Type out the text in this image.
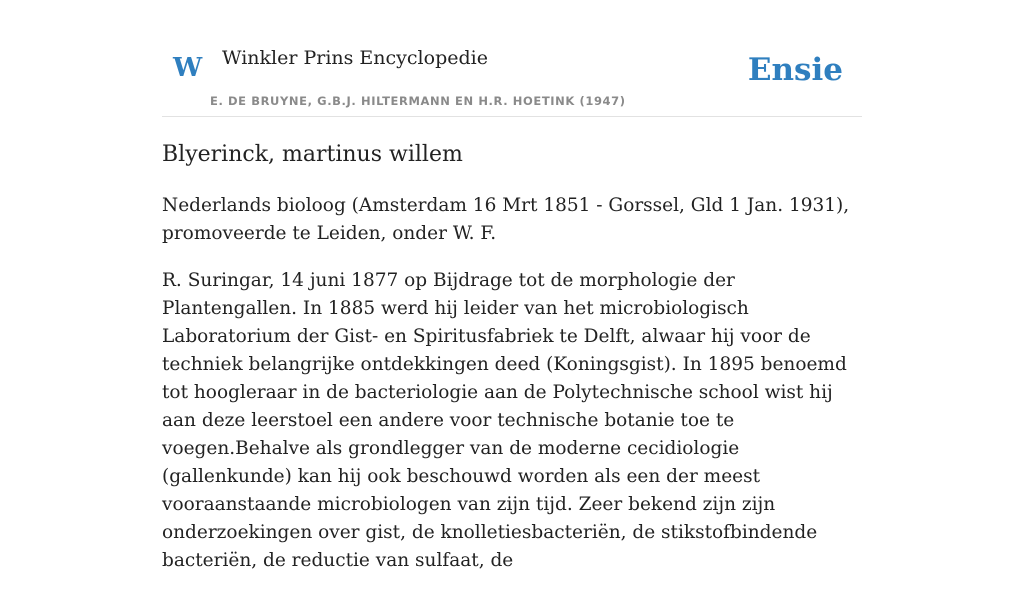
W Winkler Prins Encyclopedie
E. DE BRUYNE, G.B.J. HILTERMANN EN H.R. HOETINK (1947)
Ensie
Blyerinck, martinus willem

Nederlands bioloog (Amsterdam 16 Mrt 1851 - Gorssel, Gld 1 Jan. 1931), promoveerde te Leiden, onder W. F.

R. Suringar, 14 juni 1877 op Bijdrage tot de morphologie der Plantengallen. In 1885 werd hij leider van het microbiologisch Laboratorium der Gist- en Spiritusfabriek te Delft, alwaar hij voor de techniek belangrijke ontdekkingen deed (Koningsgist). In 1895 benoemd tot hoogleraar in de bacteriologie aan de Polytechnische school wist hij aan deze leerstoel een andere voor technische botanie toe te voegen.Behalve als grondlegger van de moderne cecidiologie (gallenkunde) kan hij ook beschouwd worden als een der meest vooraanstaande microbiologen van zijn tijd. Zeer bekend zijn zijn onderzoekingen over gist, de knolletiesbacteriën, de stikstofbindende bacteriën, de reductie van sulfaat, de
